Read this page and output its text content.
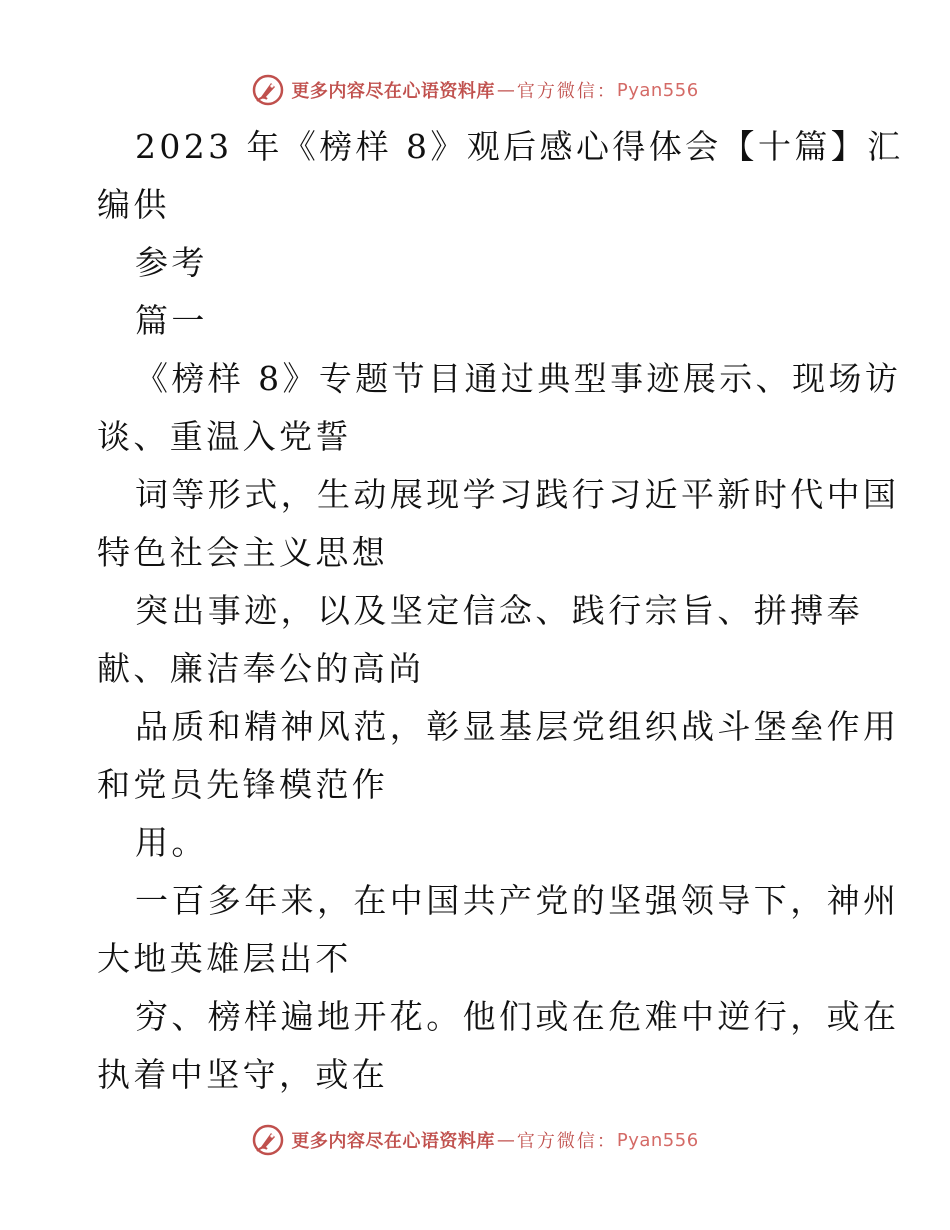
更多内容尽在心语资料库 — 官方微信： Pyan556
2023 年《榜样 8》观后感心得体会【十篇】汇
编供
参考
篇一
《榜样 8》专题节目通过典型事迹展示、现场访
谈、重温入党誓
词等形式，生动展现学习践行习近平新时代中国
特色社会主义思想
突出事迹，以及坚定信念、践行宗旨、拼搏奉
献、廉洁奉公的高尚
品质和精神风范，彰显基层党组织战斗堡垒作用
和党员先锋模范作
用。
一百多年来，在中国共产党的坚强领导下，神州
大地英雄层出不
穷、榜样遍地开花。他们或在危难中逆行，或在
执着中坚守，或在
更多内容尽在心语资料库 — 官方微信： Pyan556
